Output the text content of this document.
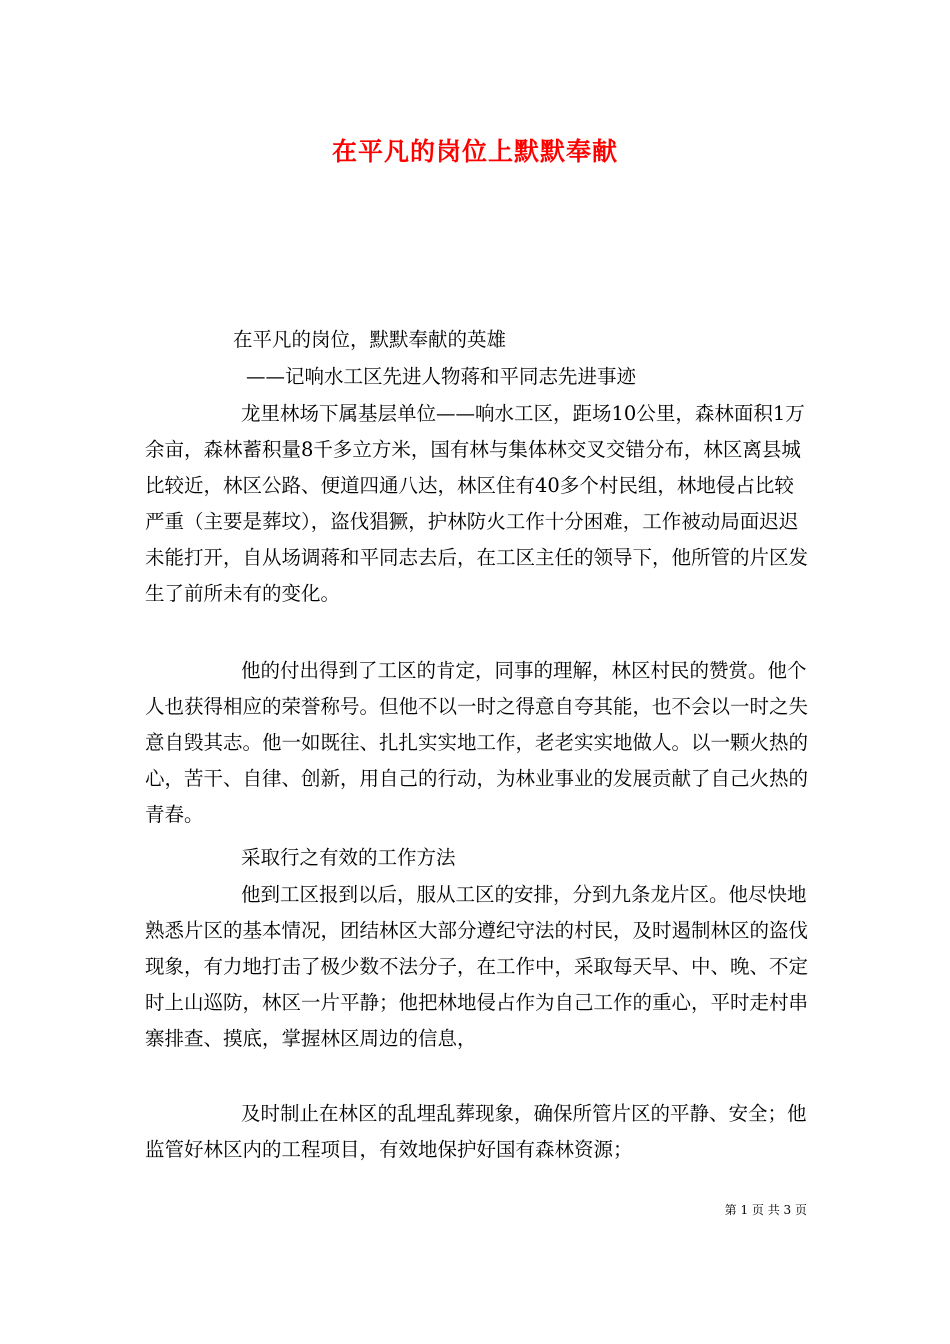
在平凡的岗位上默默奉献
在平凡的岗位，默默奉献的英雄
——记响水工区先进人物蒋和平同志先进事迹
龙里林场下属基层单位——响水工区，距场10公里，森林面积1万余亩，森林蓄积量8千多立方米，国有林与集体林交叉交错分布，林区离县城比较近，林区公路、便道四通八达，林区住有40多个村民组，林地侵占比较严重（主要是葬坟），盗伐猖獗，护林防火工作十分困难，工作被动局面迟迟未能打开，自从场调蒋和平同志去后，在工区主任的领导下，他所管的片区发生了前所未有的变化。
他的付出得到了工区的肯定，同事的理解，林区村民的赞赏。他个人也获得相应的荣誉称号。但他不以一时之得意自夸其能，也不会以一时之失意自毁其志。他一如既往、扎扎实实地工作，老老实实地做人。以一颗火热的心，苦干、自律、创新，用自己的行动，为林业事业的发展贡献了自己火热的青春。
采取行之有效的工作方法
他到工区报到以后，服从工区的安排，分到九条龙片区。他尽快地熟悉片区的基本情况，团结林区大部分遵纪守法的村民，及时遏制林区的盗伐现象，有力地打击了极少数不法分子，在工作中，采取每天早、中、晚、不定时上山巡防，林区一片平静；他把林地侵占作为自己工作的重心，平时走村串寨排查、摸底，掌握林区周边的信息，
及时制止在林区的乱埋乱葬现象，确保所管片区的平静、安全；他监管好林区内的工程项目，有效地保护好国有森林资源；
第 1 页 共 3 页
